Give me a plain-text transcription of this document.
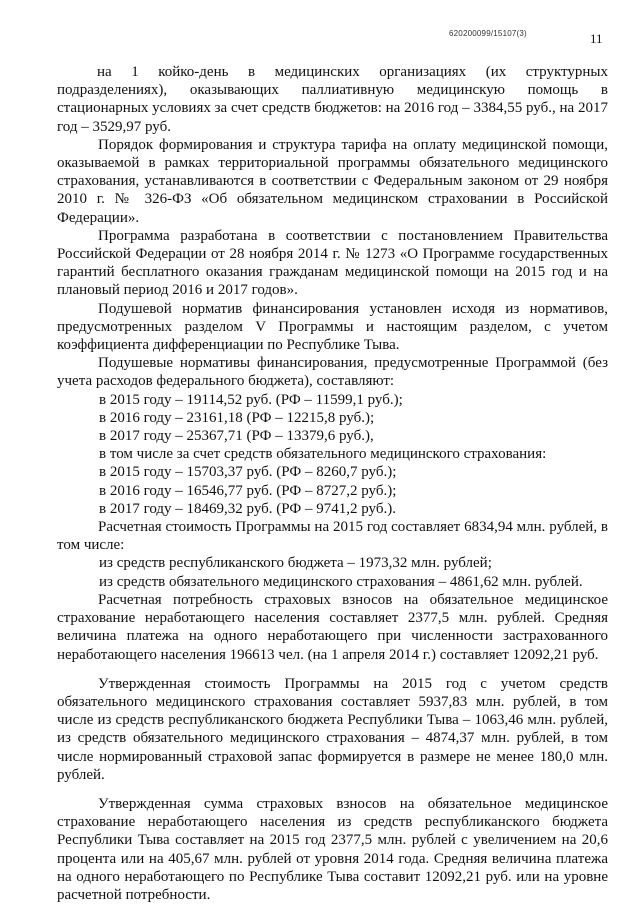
620200099/15107(3)	11

на 1 койко-день в медицинских организациях (их структурных подразделениях), оказывающих паллиативную медицинскую помощь в стационарных условиях за счет средств бюджетов: на 2016 год – 3384,55 руб., на 2017 год – 3529,97 руб.

Порядок формирования и структура тарифа на оплату медицинской помощи, оказываемой в рамках территориальной программы обязательного медицинского страхования, устанавливаются в соответствии с Федеральным законом от 29 ноября 2010 г. № 326-ФЗ «Об обязательном медицинском страховании в Российской Федерации».

Программа разработана в соответствии с постановлением Правительства Российской Федерации от 28 ноября 2014 г. № 1273 «О Программе государственных гарантий бесплатного оказания гражданам медицинской помощи на 2015 год и на плановый период 2016 и 2017 годов».

Подушевой норматив финансирования установлен исходя из нормативов, предусмотренных разделом V Программы и настоящим разделом, с учетом коэффициента дифференциации по Республике Тыва.

Подушевые нормативы финансирования, предусмотренные Программой (без учета расходов федерального бюджета), составляют:

в 2015 году – 19114,52 руб. (РФ – 11599,1 руб.);

в 2016 году – 23161,18 (РФ – 12215,8 руб.);

в 2017 году – 25367,71 (РФ – 13379,6 руб.),

в том числе за счет средств обязательного медицинского страхования:

в 2015 году – 15703,37 руб. (РФ – 8260,7 руб.);

в 2016 году – 16546,77 руб. (РФ – 8727,2 руб.);

в 2017 году – 18469,32 руб. (РФ – 9741,2 руб.).

Расчетная стоимость Программы на 2015 год составляет 6834,94 млн. рублей, в том числе:

из средств республиканского бюджета – 1973,32 млн. рублей;

из средств обязательного медицинского страхования – 4861,62 млн. рублей.

Расчетная потребность страховых взносов на обязательное медицинское страхование неработающего населения составляет 2377,5 млн. рублей. Средняя величина платежа на одного неработающего при численности застрахованного неработающего населения 196613 чел. (на 1 апреля 2014 г.) составляет 12092,21 руб.

Утвержденная стоимость Программы на 2015 год с учетом средств обязательного медицинского страхования составляет 5937,83 млн. рублей, в том числе из средств республиканского бюджета Республики Тыва – 1063,46 млн. рублей, из средств обязательного медицинского страхования – 4874,37 млн. рублей, в том числе нормированный страховой запас формируется в размере не менее 180,0 млн. рублей.

Утвержденная сумма страховых взносов на обязательное медицинское страхование неработающего населения из средств республиканского бюджета Республики Тыва составляет на 2015 год 2377,5 млн. рублей с увеличением на 20,6 процента или на 405,67 млн. рублей от уровня 2014 года. Средняя величина платежа на одного неработающего по Республике Тыва составит 12092,21 руб. или на уровне расчетной потребности.
